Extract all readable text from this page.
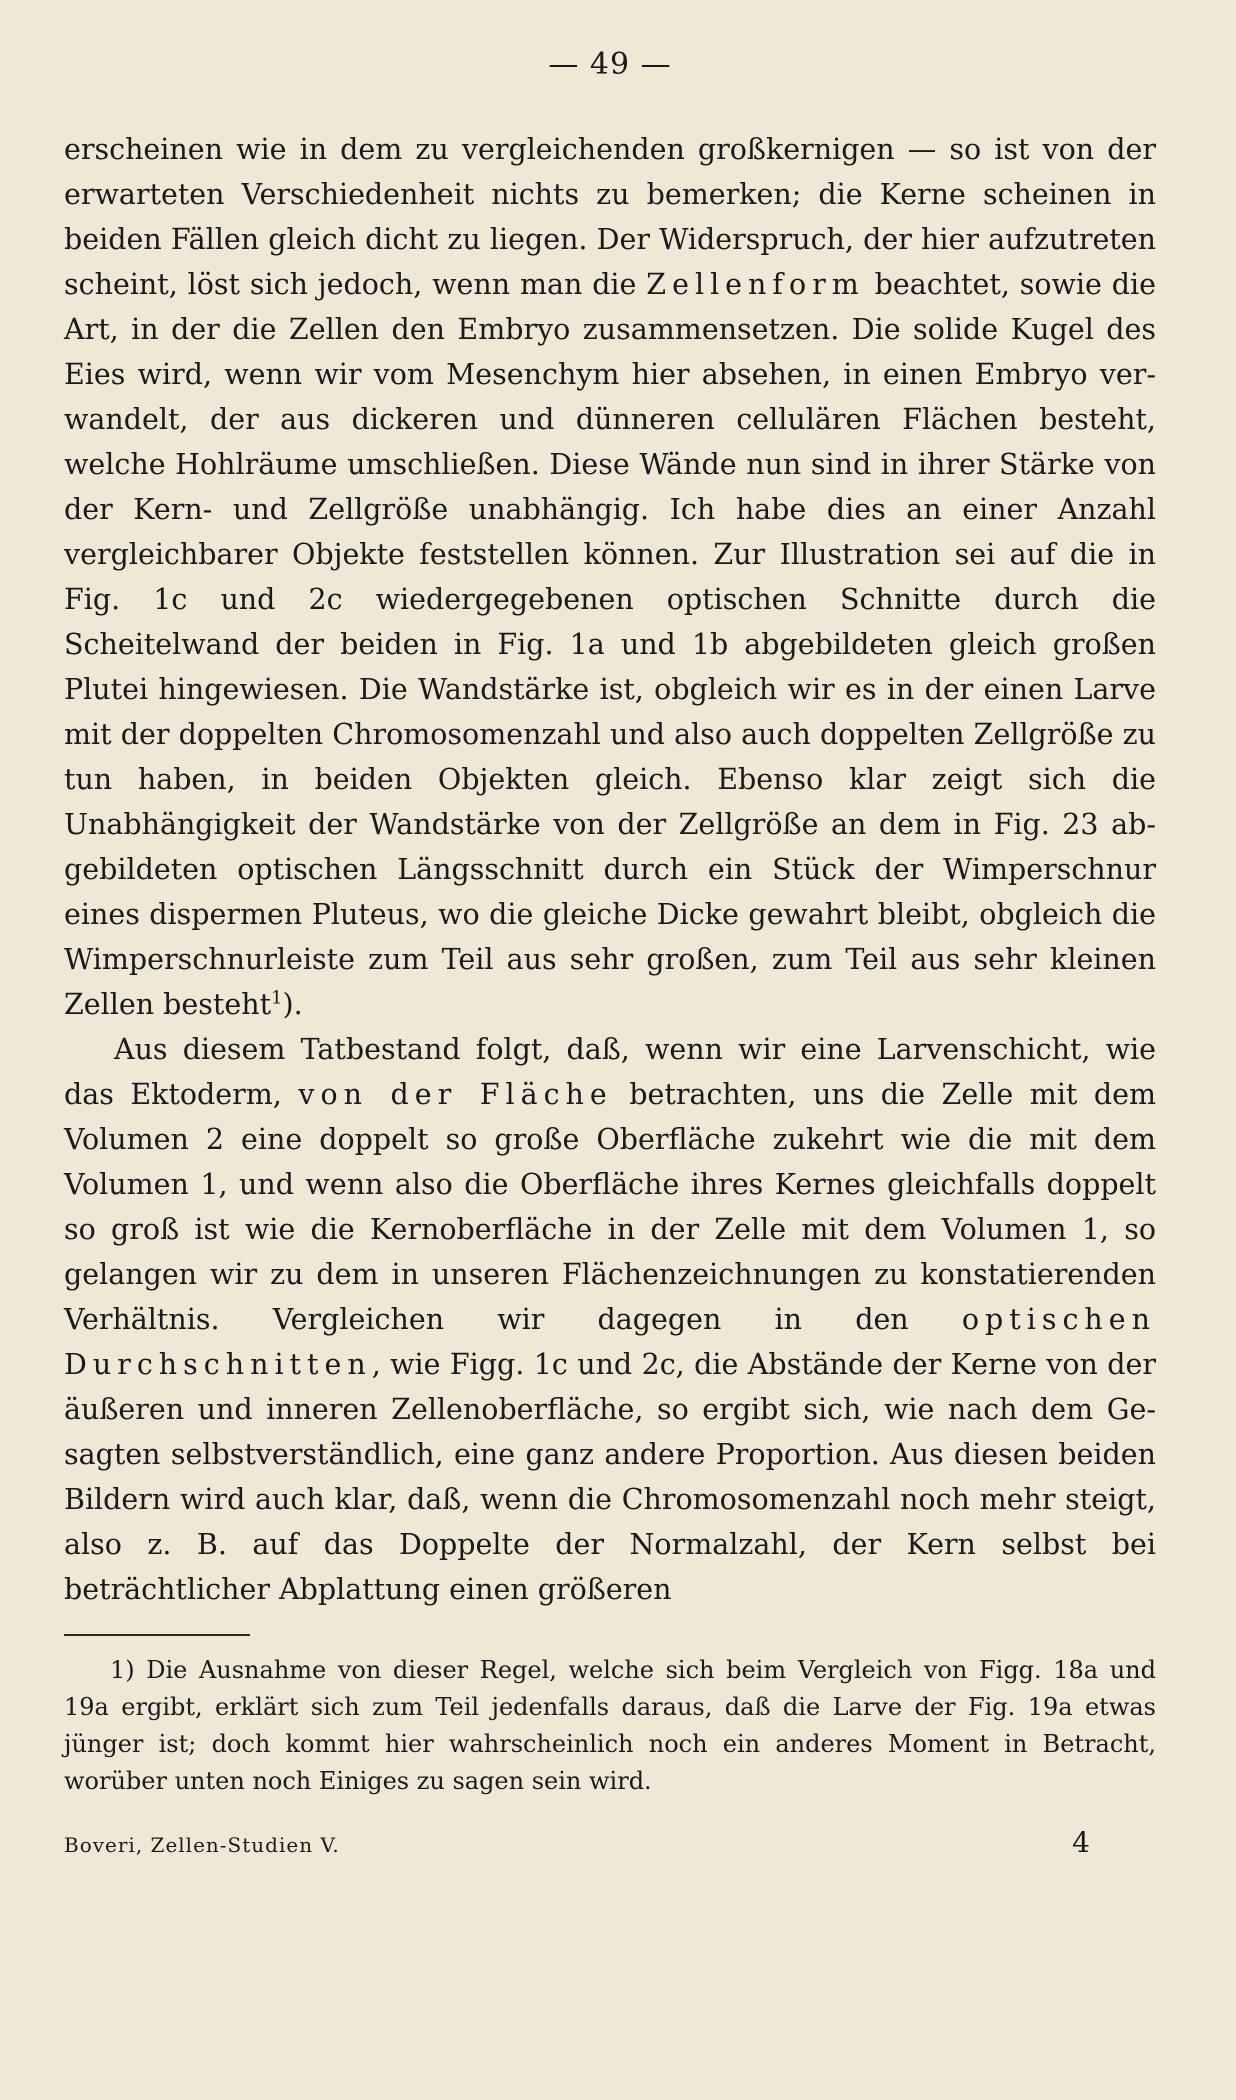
— 49 —

erscheinen wie in dem zu vergleichenden großkernigen — so ist von der erwarteten Verschiedenheit nichts zu bemerken; die Kerne scheinen in beiden Fällen gleich dicht zu liegen. Der Widerspruch, der hier aufzutreten scheint, löst sich jedoch, wenn man die Zellenform beachtet, sowie die Art, in der die Zellen den Embryo zusammensetzen. Die solide Kugel des Eies wird, wenn wir vom Mesenchym hier absehen, in einen Embryo verwandelt, der aus dickeren und dünneren cellulären Flächen besteht, welche Hohlräume umschließen. Diese Wände nun sind in ihrer Stärke von der Kern- und Zellgröße unabhängig. Ich habe dies an einer Anzahl vergleichbarer Objekte feststellen können. Zur Illustration sei auf die in Fig. 1c und 2c wiedergegebenen optischen Schnitte durch die Scheitelwand der beiden in Fig. 1a und 1b abgebildeten gleich großen Plutei hingewiesen. Die Wandstärke ist, obgleich wir es in der einen Larve mit der doppelten Chromosomenzahl und also auch doppelten Zellgröße zu tun haben, in beiden Objekten gleich. Ebenso klar zeigt sich die Unabhängigkeit der Wandstärke von der Zellgröße an dem in Fig. 23 abgebildeten optischen Längsschnitt durch ein Stück der Wimperschnur eines dispermen Pluteus, wo die gleiche Dicke gewahrt bleibt, obgleich die Wimperschnurleiste zum Teil aus sehr großen, zum Teil aus sehr kleinen Zellen besteht$^1$).

Aus diesem Tatbestand folgt, daß, wenn wir eine Larvenschicht, wie das Ektoderm, von der Fläche betrachten, uns die Zelle mit dem Volumen 2 eine doppelt so große Oberfläche zukehrt wie die mit dem Volumen 1, und wenn also die Oberfläche ihres Kernes gleichfalls doppelt so groß ist wie die Kernoberfläche in der Zelle mit dem Volumen 1, so gelangen wir zu dem in unseren Flächenzeichnungen zu konstatierenden Verhältnis. Vergleichen wir dagegen in den optischen Durchschnitten, wie Figg. 1c und 2c, die Abstände der Kerne von der äußeren und inneren Zellenoberfläche, so ergibt sich, wie nach dem Gesagten selbstverständlich, eine ganz andere Proportion. Aus diesen beiden Bildern wird auch klar, daß, wenn die Chromosomenzahl noch mehr steigt, also z. B. auf das Doppelte der Normalzahl, der Kern selbst bei beträchtlicher Abplattung einen größeren

1) Die Ausnahme von dieser Regel, welche sich beim Vergleich von Figg. 18a und 19a ergibt, erklärt sich zum Teil jedenfalls daraus, daß die Larve der Fig. 19a etwas jünger ist; doch kommt hier wahrscheinlich noch ein anderes Moment in Betracht, worüber unten noch Einiges zu sagen sein wird.

Boveri, Zellen-Studien V.	4
